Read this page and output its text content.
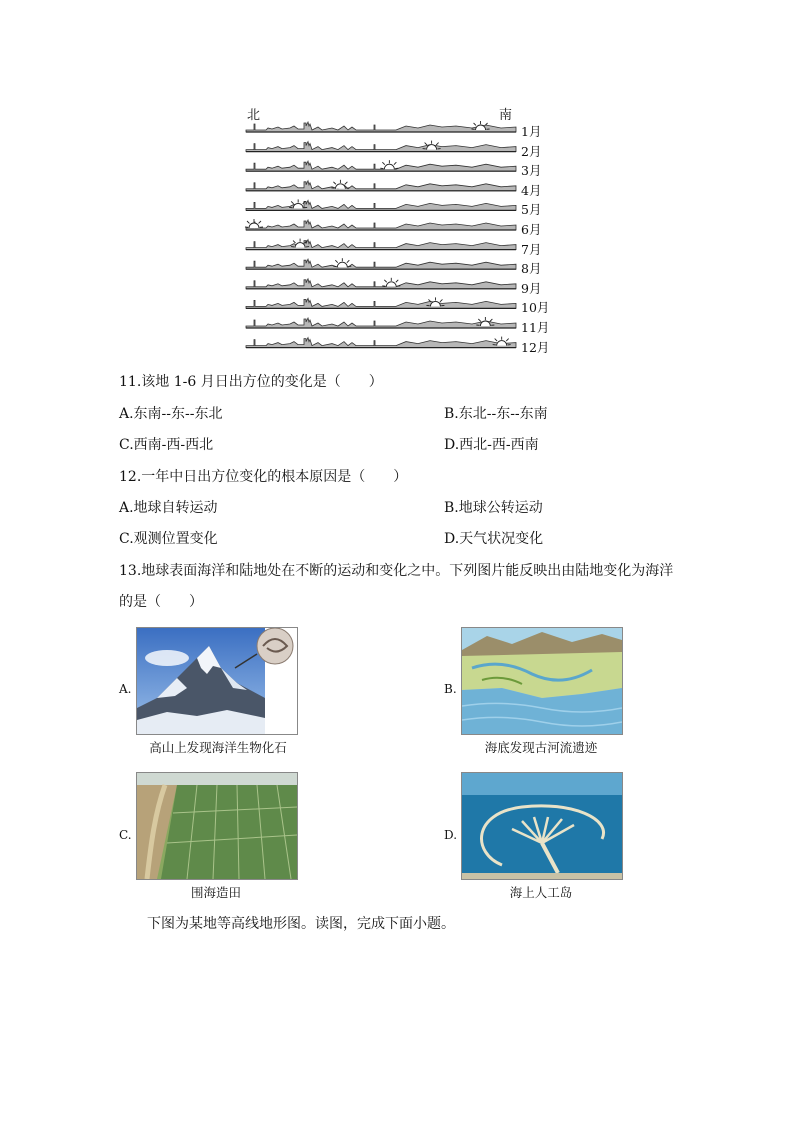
北	南
1月
2月
3月
4月
5月
6月
7月
8月
9月
10月
11月
12月
11.该地 1-6 月日出方位的变化是（　　）
A.东南--东--东北	B.东北--东--东南
C.西南-西-西北	D.西北-西-西南
12.一年中日出方位变化的根本原因是（　　）
A.地球自转运动	B.地球公转运动
C.观测位置变化	D.天气状况变化
13.地球表面海洋和陆地处在不断的运动和变化之中。下列图片能反映出由陆地变化为海洋
的是（　　）
A.
高山上发现海洋生物化石
B.
海底发现古河流遗迹
C.
围海造田
D.
海上人工岛
下图为某地等高线地形图。读图，完成下面小题。
